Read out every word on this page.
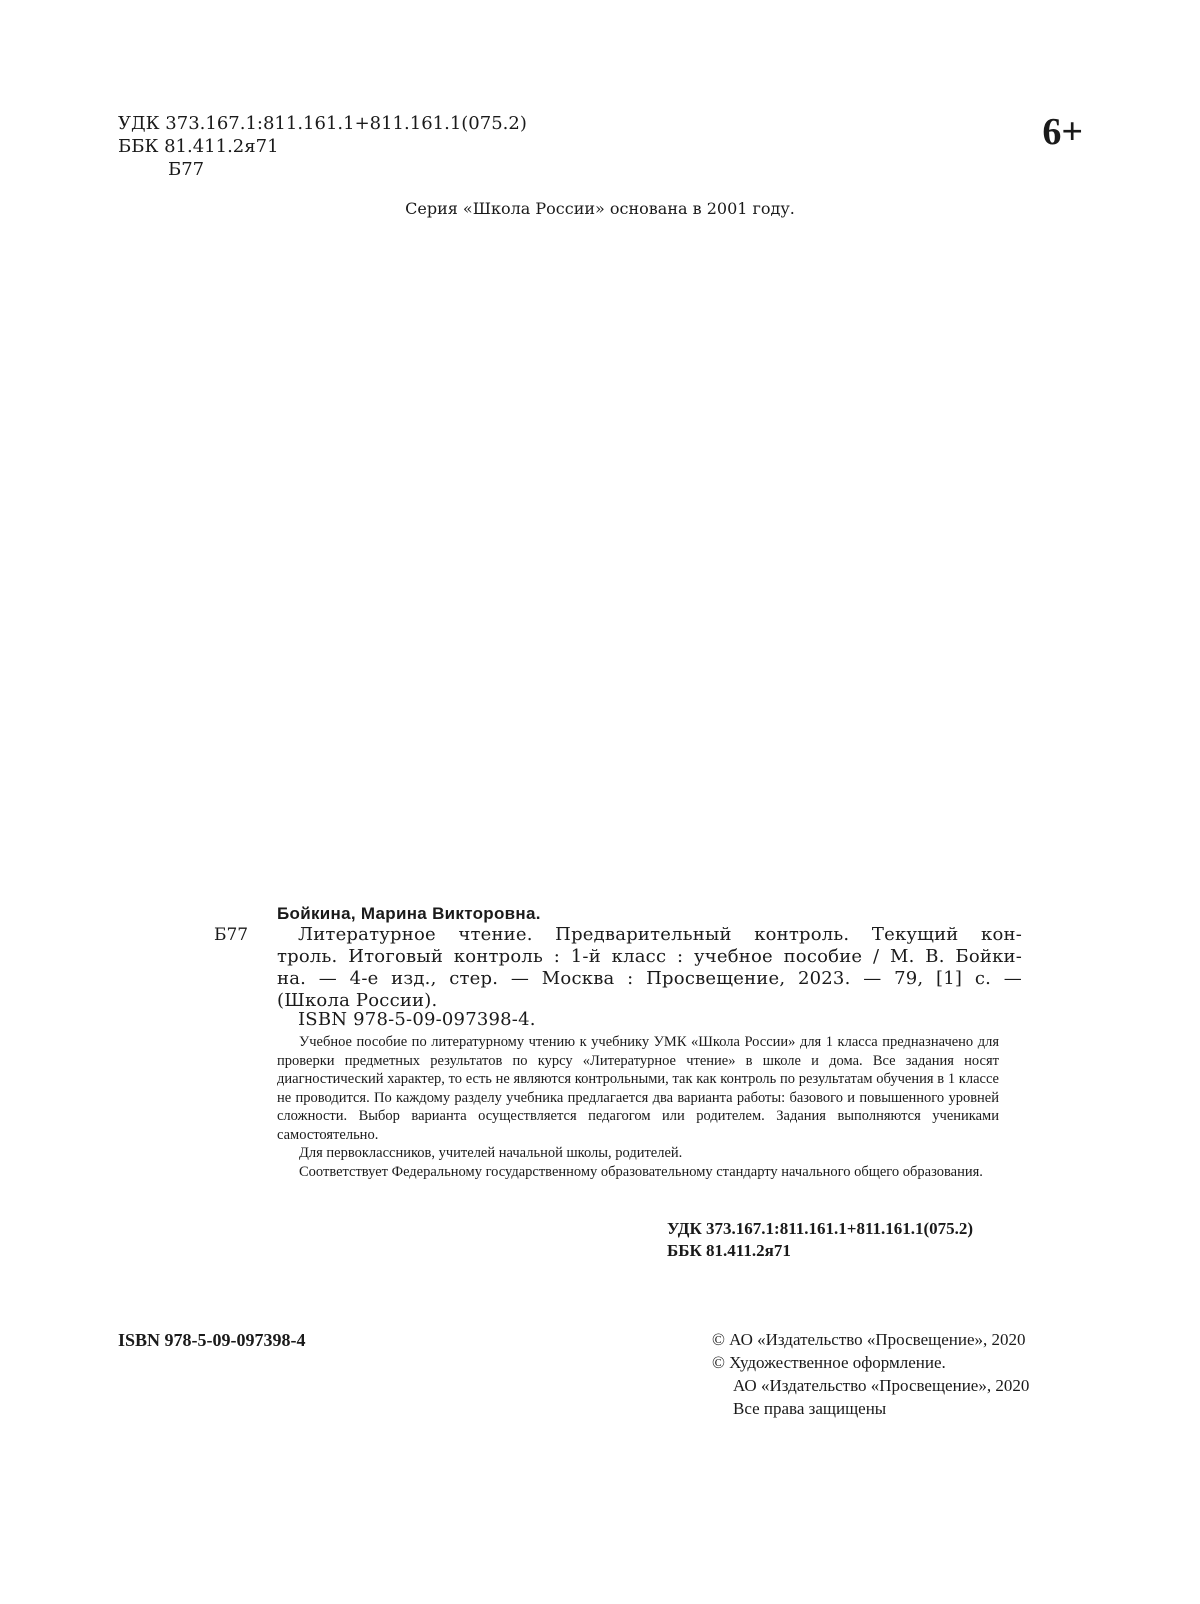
УДК 373.167.1:811.161.1+811.161.1(075.2)
ББК 81.411.2я71
Б77
6+
Серия «Школа России» основана в 2001 году.
Бойкина, Марина Викторовна.
Б77	Литературное чтение. Предварительный контроль. Текущий кон-
троль. Итоговый контроль : 1-й класс : учебное пособие / М. В. Бойки-
на. — 4-е изд., стер. — Москва : Просвещение, 2023. — 79, [1] с. —
(Школа России).
ISBN 978-5-09-097398-4.

Учебное пособие по литературному чтению к учебнику УМК «Школа России» для 1 класса предназначено для проверки предметных результатов по курсу «Литературное чтение» в школе и дома. Все задания носят диагностический характер, то есть не являются контрольными, так как контроль по результатам обучения в 1 классе не проводится. По каждому разделу учебника предлагается два варианта работы: базового и повышенного уровней сложности. Выбор варианта осуществляется педагогом или родителем. Задания выполняются учениками самостоятельно.

Для первоклассников, учителей начальной школы, родителей.

Соответствует Федеральному государственному образовательному стандарту начального общего образования.

УДК 373.167.1:811.161.1+811.161.1(075.2)
ББК 81.411.2я71
ISBN 978-5-09-097398-4	© АО «Издательство «Просвещение», 2020
© Художественное оформление.
АО «Издательство «Просвещение», 2020
Все права защищены
